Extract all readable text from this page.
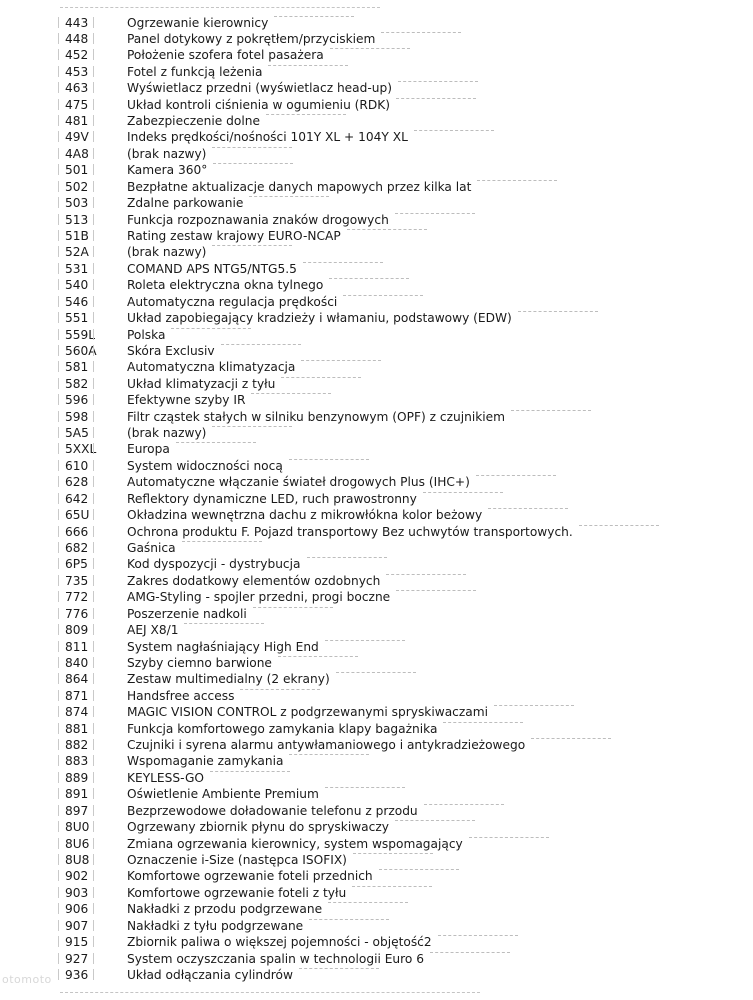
443	Ogrzewanie kierownicy
448	Panel dotykowy z pokrętłem/przyciskiem
452	Położenie szofera fotel pasażera
453	Fotel z funkcją leżenia
463	Wyświetlacz przedni (wyświetlacz head-up)
475	Układ kontroli ciśnienia w ogumieniu (RDK)
481	Zabezpieczenie dolne
49V	Indeks prędkości/nośności 101Y XL + 104Y XL
4A8	(brak nazwy)
501	Kamera 360°
502	Bezpłatne aktualizacje danych mapowych przez kilka lat
503	Zdalne parkowanie
513	Funkcja rozpoznawania znaków drogowych
51B	Rating zestaw krajowy EURO-NCAP
52A	(brak nazwy)
531	COMAND APS NTG5/NTG5.5
540	Roleta elektryczna okna tylnego
546	Automatyczna regulacja prędkości
551	Układ zapobiegający kradzieży i włamaniu, podstawowy (EDW)
559L	Polska
560A Skóra Exclusiv
581	Automatyczna klimatyzacja
582	Układ klimatyzacji z tyłu
596	Efektywne szyby IR
598	Filtr cząstek stałych w silniku benzynowym (OPF) z czujnikiem
5A5	(brak nazwy)
5XXL	Europa
610	System widoczności nocą
628	Automatyczne włączanie świateł drogowych Plus (IHC+)
642	Reflektory dynamiczne LED, ruch prawostronny
65U	Okładzina wewnętrzna dachu z mikrowłókna kolor beżowy
666	Ochrona produktu F. Pojazd transportowy Bez uchwytów transportowych.
682	Gaśnica
6P5	Kod dyspozycji - dystrybucja
735	Zakres dodatkowy elementów ozdobnych
772	AMG-Styling - spojler przedni, progi boczne
776	Poszerzenie nadkoli
809	AEJ X8/1
811	System nagłaśniający High End
840	Szyby ciemno barwione
864	Zestaw multimedialny (2 ekrany)
871	Handsfree access
874	MAGIC VISION CONTROL z podgrzewanymi spryskiwaczami
881	Funkcja komfortowego zamykania klapy bagażnika
882	Czujniki i syrena alarmu antywłamaniowego i antykradzieżowego
883	Wspomaganie zamykania
889	KEYLESS-GO
891	Oświetlenie Ambiente Premium
897	Bezprzewodowe doładowanie telefonu z przodu
8U0	Ogrzewany zbiornik płynu do spryskiwaczy
8U6	Zmiana ogrzewania kierownicy, system wspomagający
8U8	Oznaczenie i-Size (następca ISOFIX)
902	Komfortowe ogrzewanie foteli przednich
903	Komfortowe ogrzewanie foteli z tyłu
906	Nakładki z przodu podgrzewane
907	Nakładki z tyłu podgrzewane
915	Zbiornik paliwa o większej pojemności - objętość2
927	System oczyszczania spalin w technologii Euro 6
936	Układ odłączania cylindrów
otomoto
